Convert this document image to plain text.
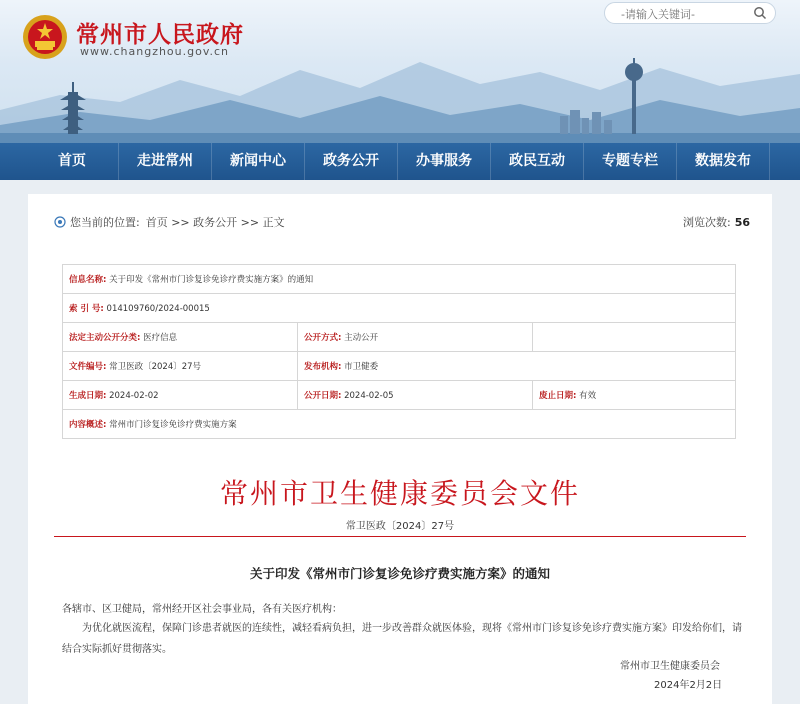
常州市人民政府
www.changzhou.gov.cn
-请输入关键词-
首页	走进常州	新闻中心	政务公开	办事服务	政民互动	专题专栏	数据发布
您当前的位置: 首页 >> 政务公开 >> 正文	浏览次数: 56
信息名称: 关于印发《常州市门诊复诊免诊疗费实施方案》的通知		
索 引 号: 014109760/2024-00015		
法定主动公开分类: 医疗信息	公开方式: 主动公开	
文件编号: 常卫医政〔2024〕27号	发布机构: 市卫健委	
生成日期: 2024-02-02	公开日期: 2024-02-05	废止日期: 有效
内容概述: 常州市门诊复诊免诊疗费实施方案		
常州市卫生健康委员会文件
常卫医政〔2024〕27号
关于印发《常州市门诊复诊免诊疗费实施方案》的通知
各辖市、区卫健局，常州经开区社会事业局，各有关医疗机构：
为优化就医流程，保障门诊患者就医的连续性，减轻看病负担，进一步改善群众就医体验，现将《常州市门诊复诊免诊疗费实施方案》印发给你们，请结合实际抓好贯彻落实。
常州市卫生健康委员会
2024年2月2日
